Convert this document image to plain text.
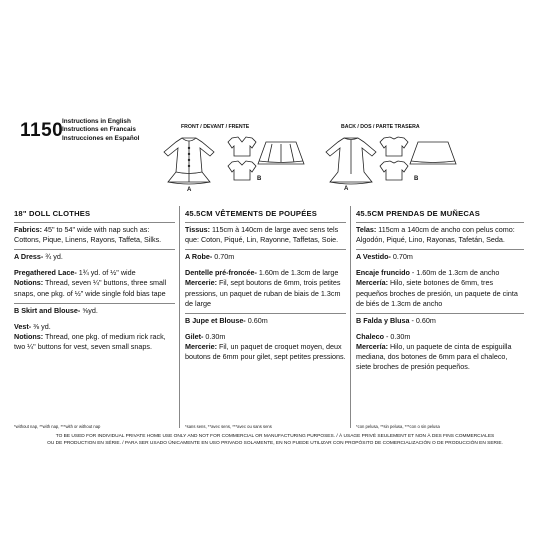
1150
Instructions in English
Instructions en Francais
Instrucciones en Español
FRONT / DEVANT / FRENTE	BACK / DOS / PARTE TRASERA
A
B
A
B
18" DOLL CLOTHES

Fabrics: 45" to 54" wide with nap such as: Cottons, Pique, Linens, Rayons, Taffeta, Silks.

A Dress- ¾ yd.

Pregathered Lace- 1¾ yd. of ½" wide

Notions: Thread, seven ¼" buttons, three small snaps, one pkg. of ½" wide single fold bias tape

B Skirt and Blouse- ⅝yd.

Vest- ⅜ yd.

Notions: Thread, one pkg. of medium rick rack, two ¼" buttons for vest, seven small snaps.

45.5CM VÊTEMENTS DE POUPÉES

Tissus: 115cm à 140cm de large avec sens tels que: Coton, Piqué, Lin, Rayonne, Taffetas, Soie.

A Robe- 0.70m

Dentelle pré-froncée- 1.60m de 1.3cm de large

Mercerie: Fil, sept boutons de 6mm, trois petites pressions, un paquet de ruban de biais de 1.3cm de large

B Jupe et Blouse- 0.60m

Gilet- 0.30m

Mercerie: Fil, un paquet de croquet moyen, deux boutons de 6mm pour gilet, sept petites pressions.

45.5CM PRENDAS DE MUÑECAS

Telas: 115cm a 140cm de ancho con pelus como: Algodón, Piqué, Lino, Rayonas, Tafetán, Seda.

A Vestido- 0.70m

Encaje fruncido - 1.60m de 1.3cm de ancho

Mercería: Hilo, siete botones de 6mm, tres pequeños broches de presión, un paquete de cinta de biés de 1.3cm de ancho

B Falda y Blusa - 0.60m

Chaleco - 0.30m

Mercería: Hilo, un paquete de cinta de espiguilla mediana, dos botones de 6mm para el chaleco, siete broches de presión pequeños.

*without nap, **with nap, ***with or without nap	*sans sens, **avec sens, ***avec ou sans sens	*con pelusa, **sin pelusa, ***con o sin pelusa
TO BE USED FOR INDIVIDUAL PRIVATE HOME USE ONLY AND NOT FOR COMMERCIAL OR MANUFACTURING PURPOSES. / À USAGE PRIVÉ SEULEMENT ET NON À DES FINS COMMERCIALES
OU DE PRODUCTION EN SÉRIE. / PARA SER USADO ÚNICAMENTE EN USO PRIVADO SOLAMENTE, EN NO PUEDE UTILIZAR CON PROPÓSITO DE COMERCIALIZACIÓN O DE PRODUCCIÓN EN SERIE.
